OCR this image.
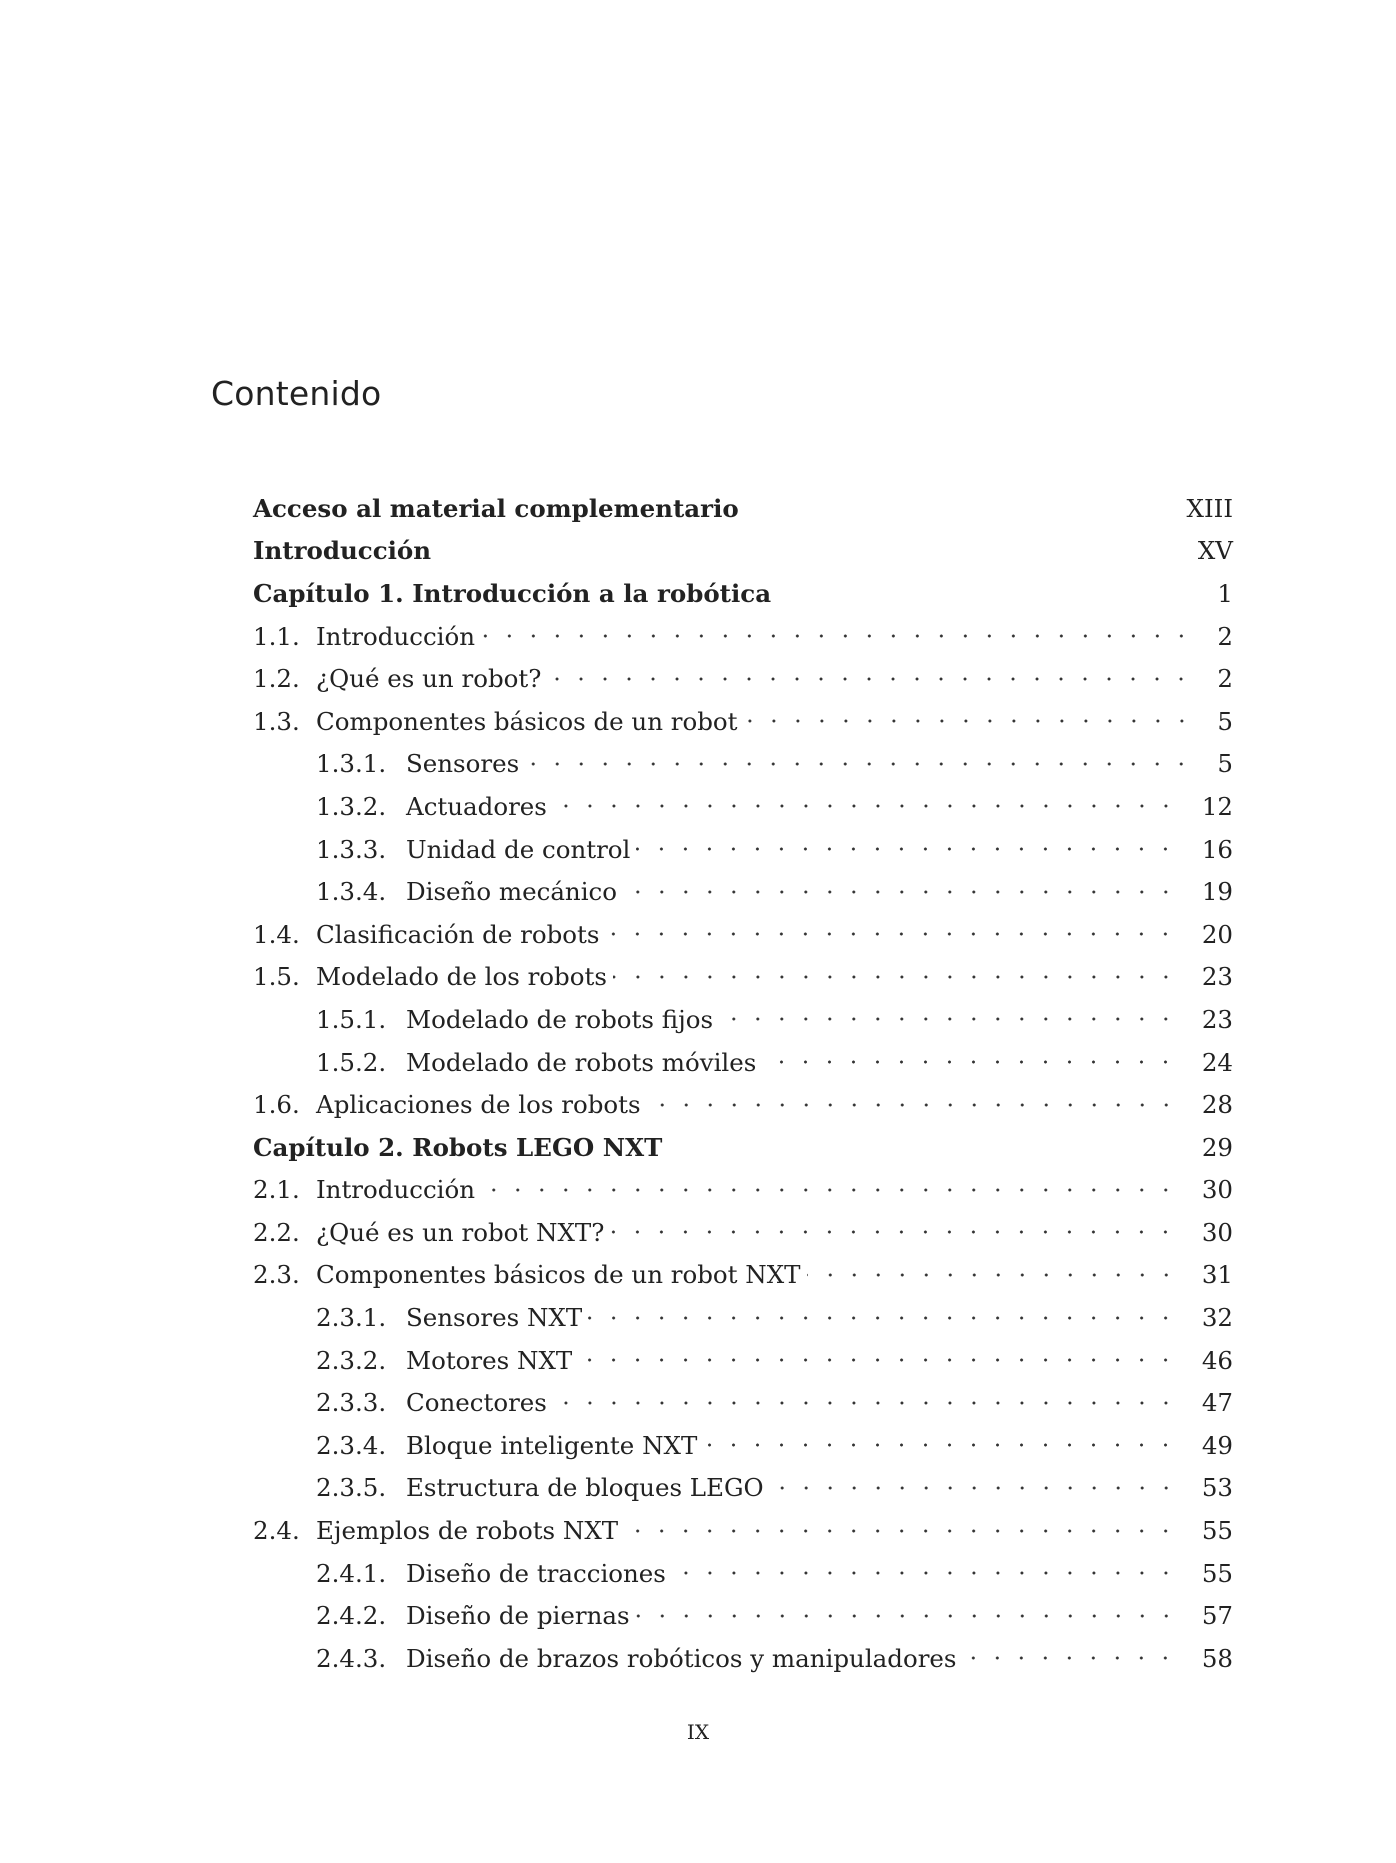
Contenido
Acceso al material complementario	XIII
Introducción	XV
Capítulo 1. Introducción a la robótica	1
1.1. Introducción	2
1.2. ¿Qué es un robot?	2
1.3. Componentes básicos de un robot	5
1.3.1. Sensores	5
1.3.2. Actuadores	12
1.3.3. Unidad de control	16
1.3.4. Diseño mecánico	19
1.4. Clasificación de robots	20
1.5. Modelado de los robots	23
1.5.1. Modelado de robots fijos	23
1.5.2. Modelado de robots móviles	24
1.6. Aplicaciones de los robots	28
Capítulo 2. Robots LEGO NXT	29
2.1. Introducción	30
2.2. ¿Qué es un robot NXT?	30
2.3. Componentes básicos de un robot NXT	31
2.3.1. Sensores NXT	32
2.3.2. Motores NXT	46
2.3.3. Conectores	47
2.3.4. Bloque inteligente NXT	49
2.3.5. Estructura de bloques LEGO	53
2.4. Ejemplos de robots NXT	55
2.4.1. Diseño de tracciones	55
2.4.2. Diseño de piernas	57
2.4.3. Diseño de brazos robóticos y manipuladores	58
IX
